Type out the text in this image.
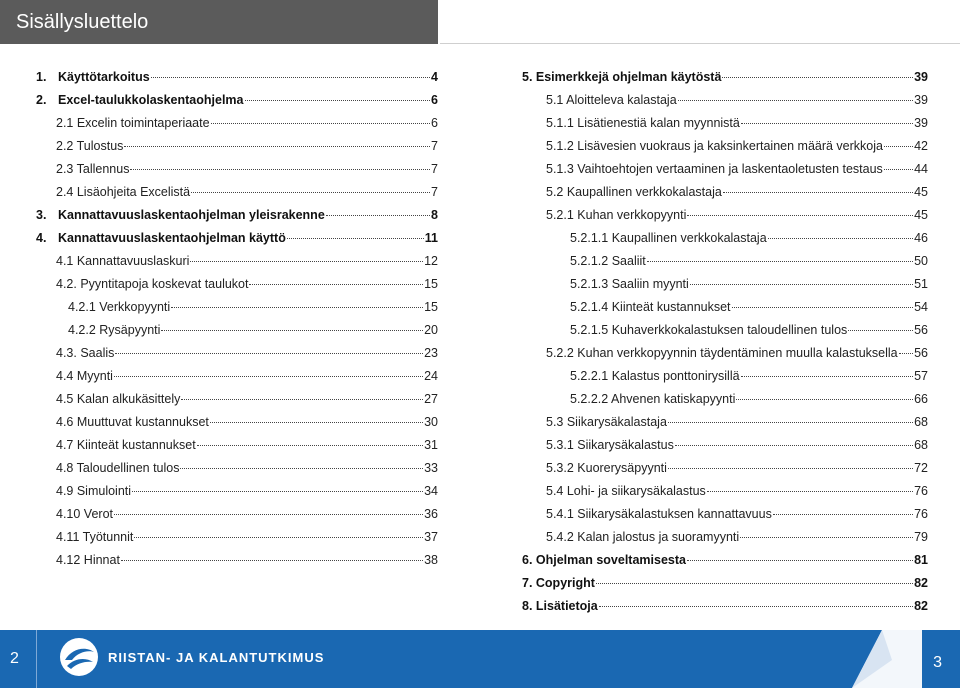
Sisällysluettelo
1. Käyttötarkoitus	4
2. Excel-taulukkolaskentaohjelma	6
2.1 Excelin toimintaperiaate	6
2.2 Tulostus	7
2.3 Tallennus	7
2.4 Lisäohjeita Excelistä	7
3. Kannattavuuslaskentaohjelman yleisrakenne	8
4. Kannattavuuslaskentaohjelman käyttö	11
4.1 Kannattavuuslaskuri	12
4.2. Pyyntitapoja koskevat taulukot	15
4.2.1 Verkkopyynti	15
4.2.2 Rysäpyynti	20
4.3. Saalis	23
4.4 Myynti	24
4.5 Kalan alkukäsittely	27
4.6 Muuttuvat kustannukset	30
4.7 Kiinteät kustannukset	31
4.8 Taloudellinen tulos	33
4.9 Simulointi	34
4.10 Verot	36
4.11 Työtunnit	37
4.12 Hinnat	38
5. Esimerkkejä ohjelman käytöstä	39
5.1 Aloitteleva kalastaja	39
5.1.1 Lisätienestiä kalan myynnistä	39
5.1.2 Lisävesien vuokraus ja kaksinkertainen määrä verkkoja 42
5.1.3 Vaihtoehtojen vertaaminen ja laskentaoletusten testaus	44
5.2 Kaupallinen verkkokalastaja	45
5.2.1 Kuhan verkkopyynti	45
5.2.1.1 Kaupallinen verkkokalastaja	46
5.2.1.2 Saaliit	50
5.2.1.3 Saaliin myynti	51
5.2.1.4 Kiinteät kustannukset	54
5.2.1.5 Kuhaverkkokalastuksen taloudellinen tulos	56
5.2.2 Kuhan verkkopyynnin täydentäminen muulla kalastuksella 56
5.2.2.1 Kalastus ponttonirysillä	57
5.2.2.2 Ahvenen katiskapyynti	66
5.3 Siikarysäkalastaja	68
5.3.1 Siikarysäkalastus	68
5.3.2 Kuorerysäpyynti	72
5.4 Lohi- ja siikarysäkalastus	76
5.4.1 Siikarysäkalastuksen kannattavuus	76
5.4.2 Kalan jalostus ja suoramyynti	79
6. Ohjelman soveltamisesta	81
7. Copyright	82
8. Lisätietoja	82
2	RIISTAN- JA KALANTUTKIMUS	3
